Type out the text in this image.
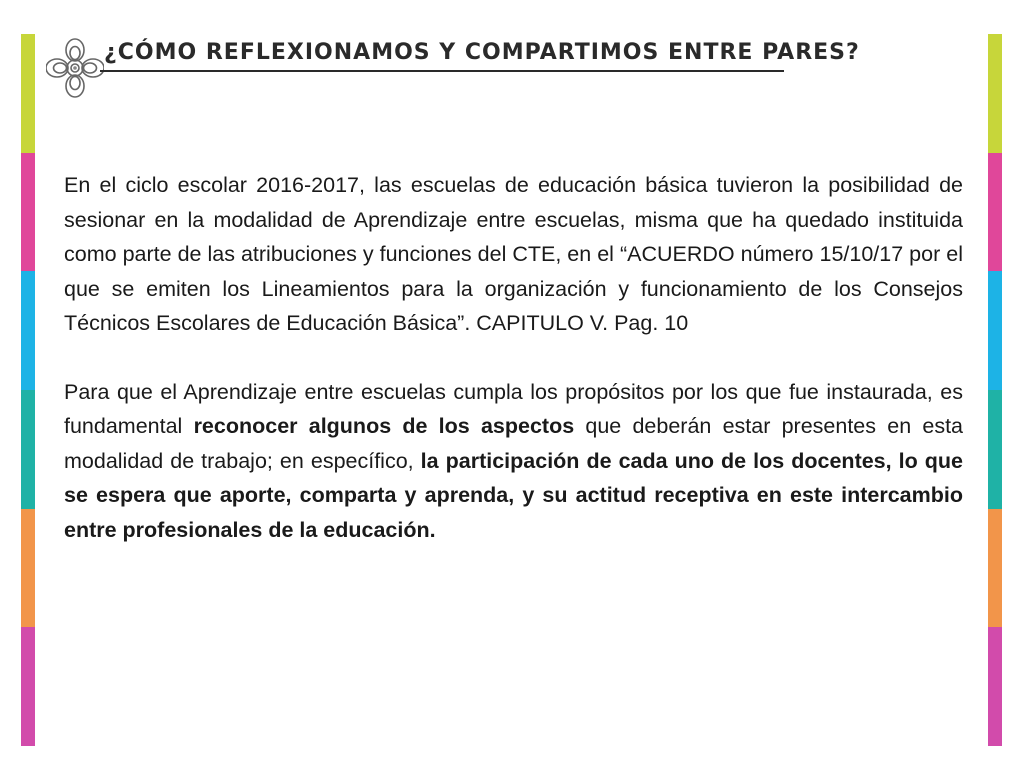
¿CÓMO REFLEXIONAMOS Y COMPARTIMOS ENTRE PARES?

En el ciclo escolar 2016-2017, las escuelas de educación básica tuvieron la posibilidad de sesionar en la modalidad de Aprendizaje entre escuelas, misma que ha quedado instituida como parte de las atribuciones y funciones del CTE, en el “ACUERDO número 15/10/17 por el que se emiten los Lineamientos para la organización y funcionamiento de los Consejos Técnicos Escolares de Educación Básica”. CAPITULO V. Pag. 10

Para que el Aprendizaje entre escuelas cumpla los propósitos por los que fue instaurada, es fundamental reconocer algunos de los aspectos que deberán estar presentes en esta modalidad de trabajo; en específico, la participación de cada uno de los docentes, lo que se espera que aporte, comparta y aprenda, y su actitud receptiva en este intercambio entre profesionales de la educación.
